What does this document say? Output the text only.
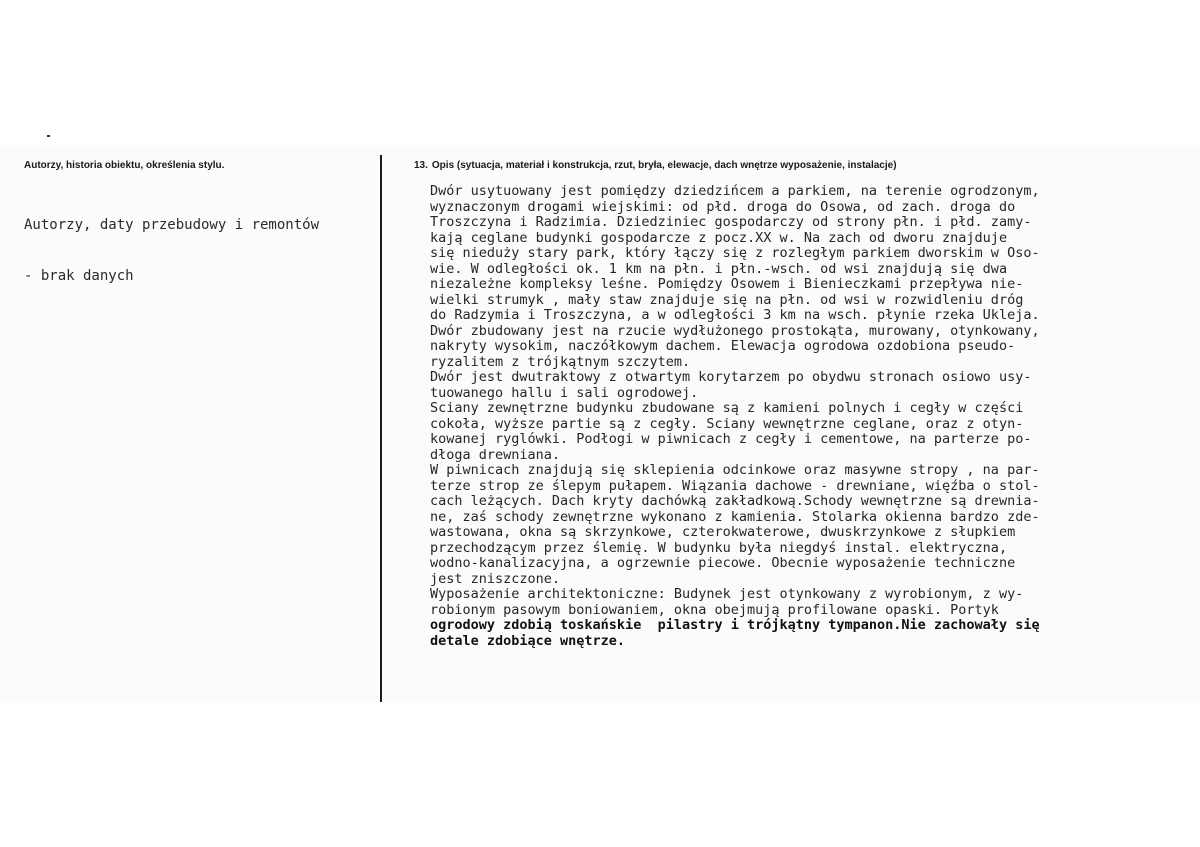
Autorzy, historia obiektu, określenia stylu.	13. Opis (sytuacja, materiał i konstrukcja, rzut, bryła, elewacje, dach wnętrze wyposażenie, instalacje)

Autorzy, daty przebudowy i remontów

- brak danych

Dwór usytuowany jest pomiędzy dziedzińcem a parkiem, na terenie ogrodzonym,
wyznaczonym drogami wiejskimi: od płd. droga do Osowa, od zach. droga do
Troszczyna i Radzimia. Dziedziniec gospodarczy od strony płn. i płd. zamy-
kają ceglane budynki gospodarcze z pocz.XX w. Na zach od dworu znajduje
się nieduży stary park, który łączy się z rozległym parkiem dworskim w Oso-
wie. W odległości ok. 1 km na płn. i płn.-wsch. od wsi znajdują się dwa
niezależne kompleksy leśne. Pomiędzy Osowem i Bienieczkami przepływa nie-
wielki strumyk , mały staw znajduje się na płn. od wsi w rozwidleniu dróg
do Radzymia i Troszczyna, a w odległości 3 km na wsch. płynie rzeka Ukleja.
Dwór zbudowany jest na rzucie wydłużonego prostokąta, murowany, otynkowany,
nakryty wysokim, naczółkowym dachem. Elewacja ogrodowa ozdobiona pseudo-
ryzalitem z trójkątnym szczytem.
Dwór jest dwutraktowy z otwartym korytarzem po obydwu stronach osiowo usy-
tuowanego hallu i sali ogrodowej.
Sciany zewnętrzne budynku zbudowane są z kamieni polnych i cegły w części
cokoła, wyższe partie są z cegły. Sciany wewnętrzne ceglane, oraz z otyn-
kowanej ryglówki. Podłogi w piwnicach z cegły i cementowe, na parterze po-
dłoga drewniana.
W piwnicach znajdują się sklepienia odcinkowe oraz masywne stropy , na par-
terze strop ze ślepym pułapem. Wiązania dachowe - drewniane, więźba o stol-
cach leżących. Dach kryty dachówką zakładkową.Schody wewnętrzne są drewnia-
ne, zaś schody zewnętrzne wykonano z kamienia. Stolarka okienna bardzo zde-
wastowana, okna są skrzynkowe, czterokwaterowe, dwuskrzynkowe z słupkiem
przechodzącym przez ślemię. W budynku była niegdyś instal. elektryczna,
wodno-kanalizacyjna, a ogrzewnie piecowe. Obecnie wyposażenie techniczne
jest zniszczone.
Wyposażenie architektoniczne: Budynek jest otynkowany z wyrobionym, z wy-
robionym pasowym boniowaniem, okna obejmują profilowane opaski. Portyk
ogrodowy zdobią toskańskie  pilastry i trójkątny tympanon.Nie zachowały się
detale zdobiące wnętrze.
